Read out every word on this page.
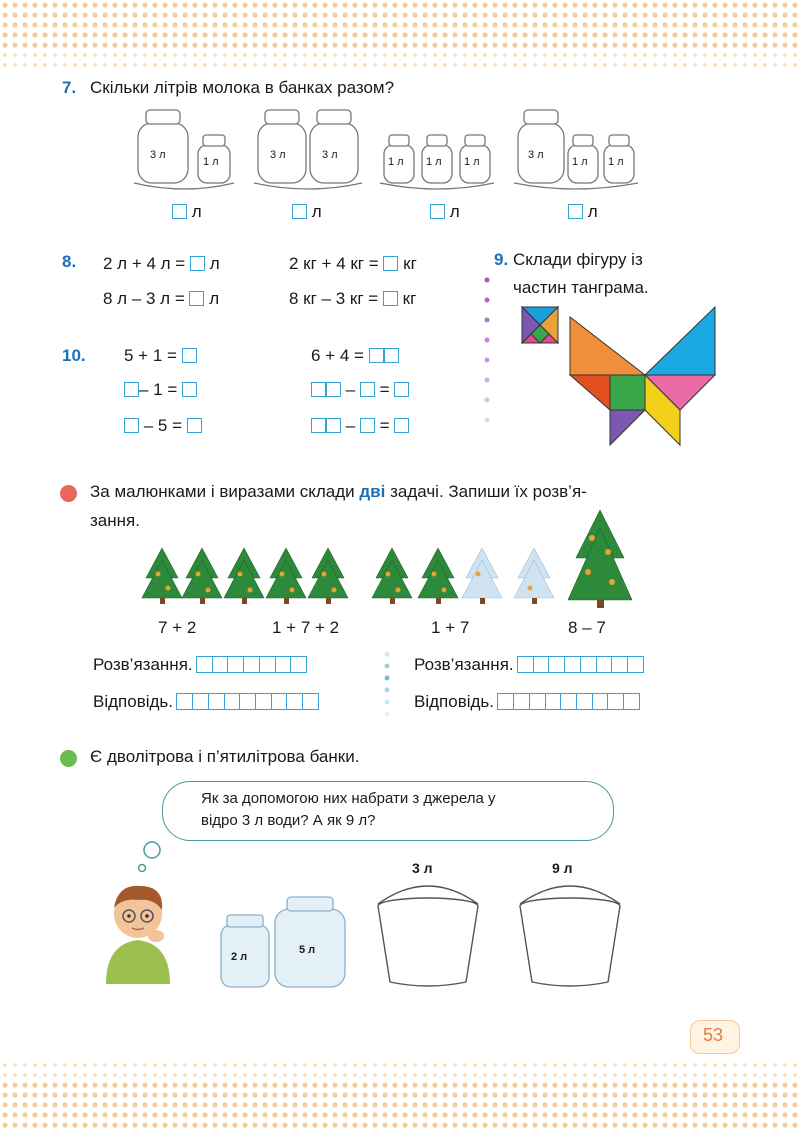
7. Скільки літрів молока в банках разом?
3 л
1 л
3 л	3 л
1 л 1 л 1 л
3 л
1 л 1 л
л	л	л	л
8. 2 л + 4 л = л	2 кг + 4 кг = кг
8 л – 3 л = л	8 кг – 3 кг = кг
9. Склади фігуру із
частин танграма.
10. 5 + 1 =
– 1 =
– 5 =
6 + 4 =
– =
– =
За малюнками і виразами склади дві задачі. Запиши їх розв’я-
зання.
7 + 2	1 + 7 + 2	1 + 7	8 – 7
Розв’язання.
Відповідь.
Розв’язання.
Відповідь.
Є дволітрова і п’ятилітрова банки.
Як за допомогою них набрати з джерела у
відро 3 л води? А як 9 л?
2 л
5 л
3 л	9 л
53
